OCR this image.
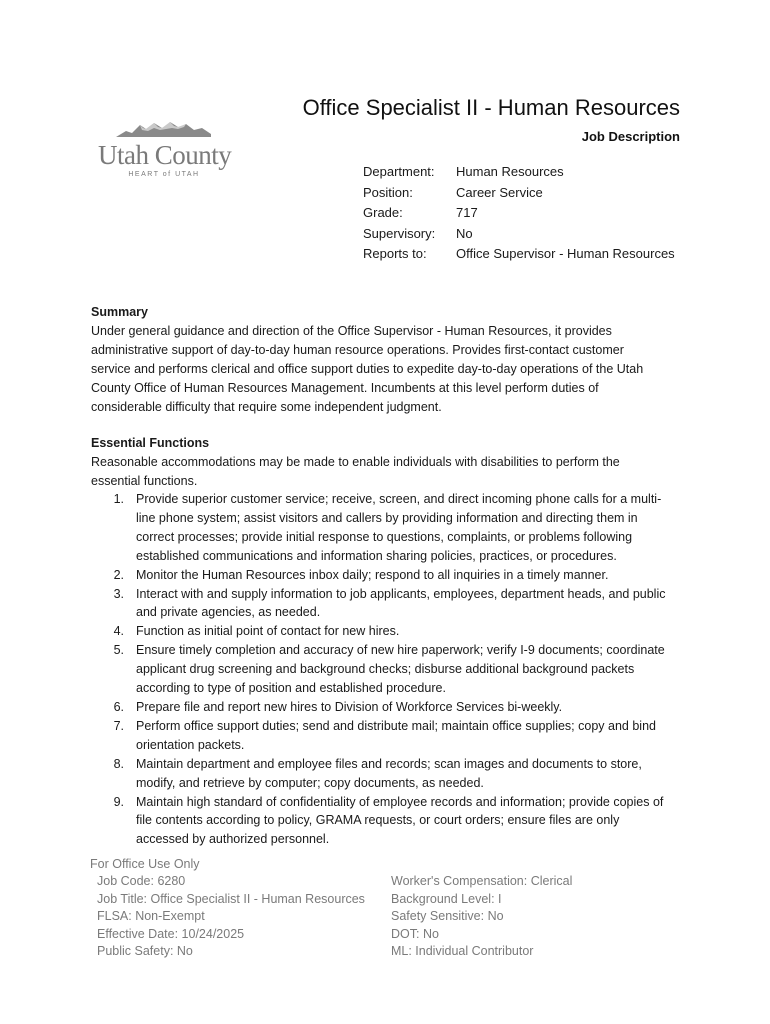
Utah County
HEART of UTAH
Office Specialist II - Human Resources
Job Description
Department: Human Resources
Position:	Career Service
Grade:	717
Supervisory: No
Reports to: Office Supervisor - Human Resources
Summary

Under general guidance and direction of the Office Supervisor - Human Resources, it provides administrative support of day-to-day human resource operations. Provides first-contact customer service and performs clerical and office support duties to expedite day-to-day operations of the Utah County Office of Human Resources Management. Incumbents at this level perform duties of considerable difficulty that require some independent judgment.

Essential Functions

Reasonable accommodations may be made to enable individuals with disabilities to perform the essential functions.

1. Provide superior customer service; receive, screen, and direct incoming phone calls for a multi-line phone system; assist visitors and callers by providing information and directing them in correct processes; provide initial response to questions, complaints, or problems following established communications and information sharing policies, practices, or procedures.
2. Monitor the Human Resources inbox daily; respond to all inquiries in a timely manner.
3. Interact with and supply information to job applicants, employees, department heads, and public and private agencies, as needed.
4. Function as initial point of contact for new hires.
5. Ensure timely completion and accuracy of new hire paperwork; verify I-9 documents; coordinate applicant drug screening and background checks; disburse additional background packets according to type of position and established procedure.
6. Prepare file and report new hires to Division of Workforce Services bi-weekly.
7. Perform office support duties; send and distribute mail; maintain office supplies; copy and bind orientation packets.
8. Maintain department and employee files and records; scan images and documents to store, modify, and retrieve by computer; copy documents, as needed.
9. Maintain high standard of confidentiality of employee records and information; provide copies of file contents according to policy, GRAMA requests, or court orders; ensure files are only accessed by authorized personnel.
For Office Use Only
Job Code: 6280
Job Title: Office Specialist II - Human Resources
FLSA: Non-Exempt
Effective Date: 10/24/2025
Public Safety: No
Worker's Compensation: Clerical
Background Level: I
Safety Sensitive: No
DOT: No
ML: Individual Contributor
